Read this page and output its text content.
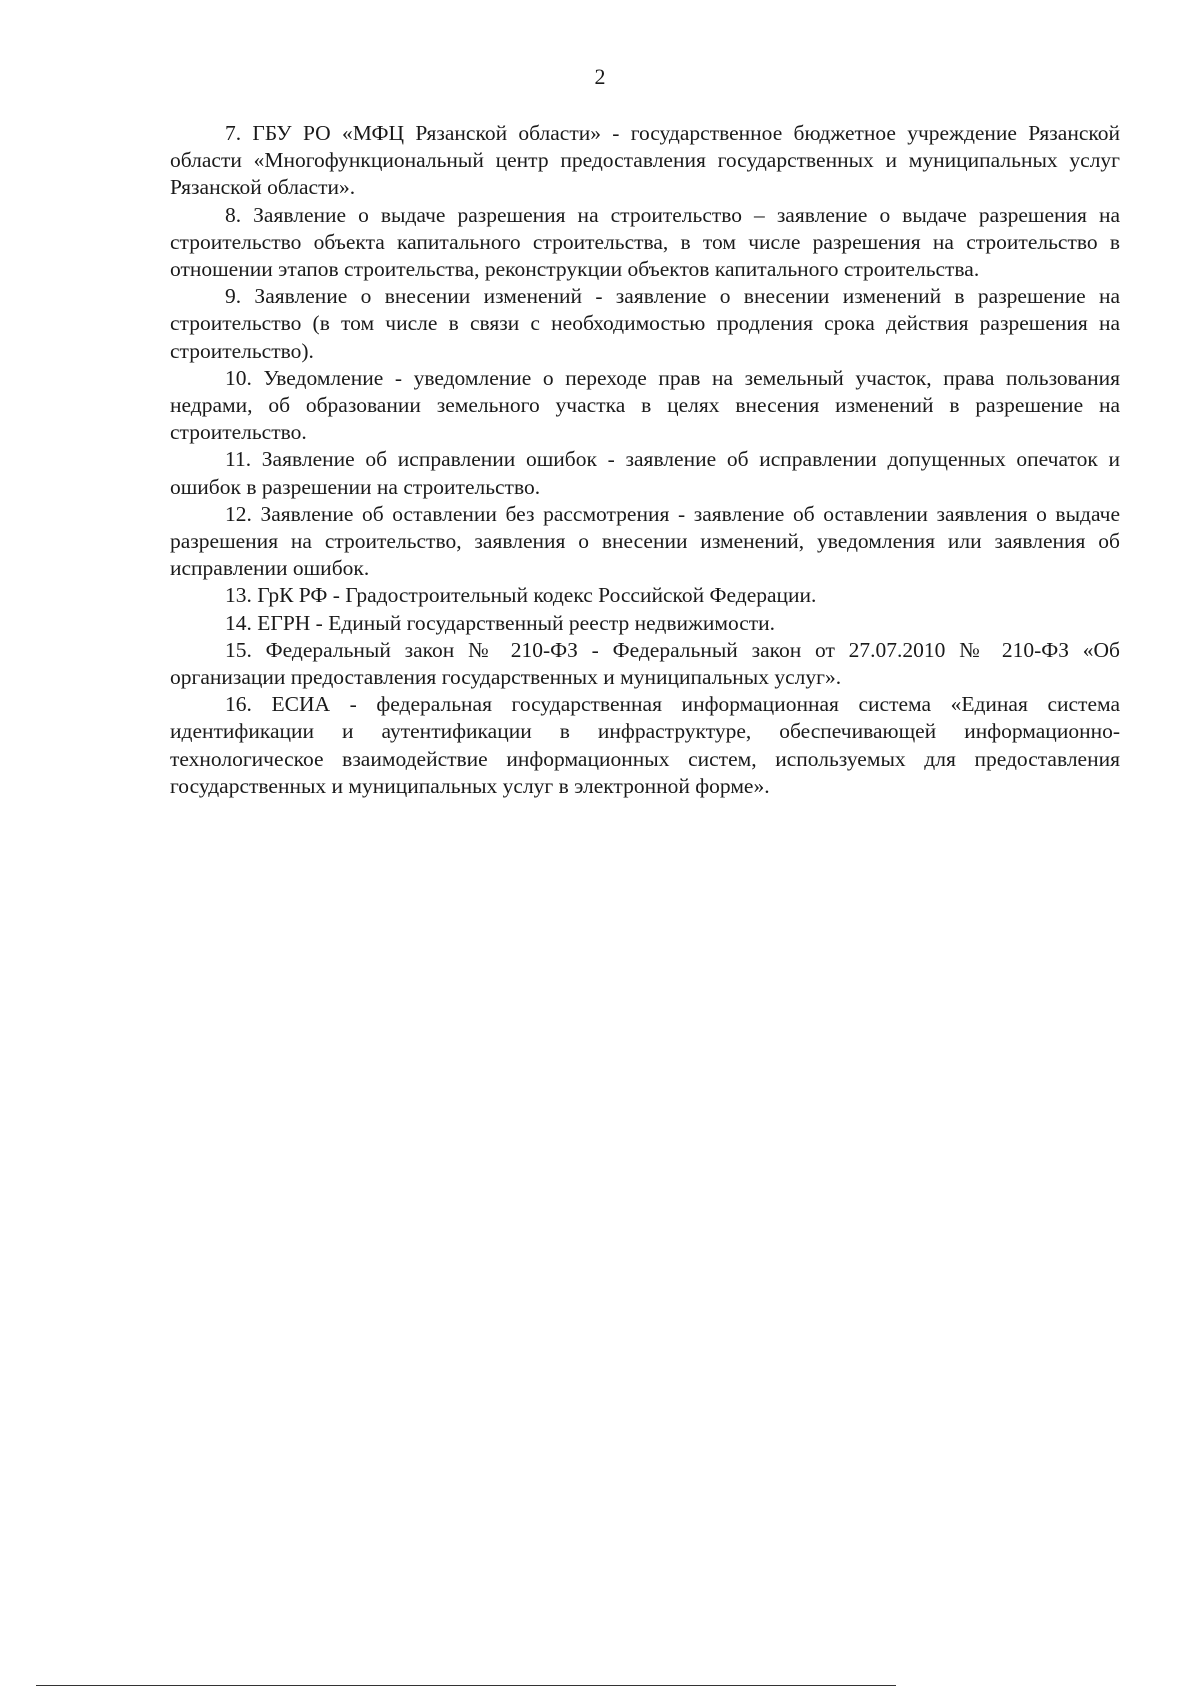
2

7. ГБУ РО «МФЦ Рязанской области» - государственное бюджетное учреждение Рязанской области «Многофункциональный центр предоставления государственных и муниципальных услуг Рязанской области».

8. Заявление о выдаче разрешения на строительство – заявление о выдаче разрешения на строительство объекта капитального строительства, в том числе разрешения на строительство в отношении этапов строительства, реконструкции объектов капитального строительства.

9. Заявление о внесении изменений - заявление о внесении изменений в разрешение на строительство (в том числе в связи с необходимостью продления срока действия разрешения на строительство).

10. Уведомление - уведомление о переходе прав на земельный участок, права пользования недрами, об образовании земельного участка в целях внесения изменений в разрешение на строительство.

11. Заявление об исправлении ошибок - заявление об исправлении допущенных опечаток и ошибок в разрешении на строительство.

12. Заявление об оставлении без рассмотрения - заявление об оставлении заявления о выдаче разрешения на строительство, заявления о внесении изменений, уведомления или заявления об исправлении ошибок.

13. ГрК РФ - Градостроительный кодекс Российской Федерации.

14. ЕГРН - Единый государственный реестр недвижимости.

15. Федеральный закон № 210-ФЗ - Федеральный закон от 27.07.2010 № 210-ФЗ «Об организации предоставления государственных и муниципальных услуг».

16. ЕСИА - федеральная государственная информационная система «Единая система идентификации и аутентификации в инфраструктуре, обеспечивающей информационно-технологическое взаимодействие информационных систем, используемых для предоставления государственных и муниципальных услуг в электронной форме».
